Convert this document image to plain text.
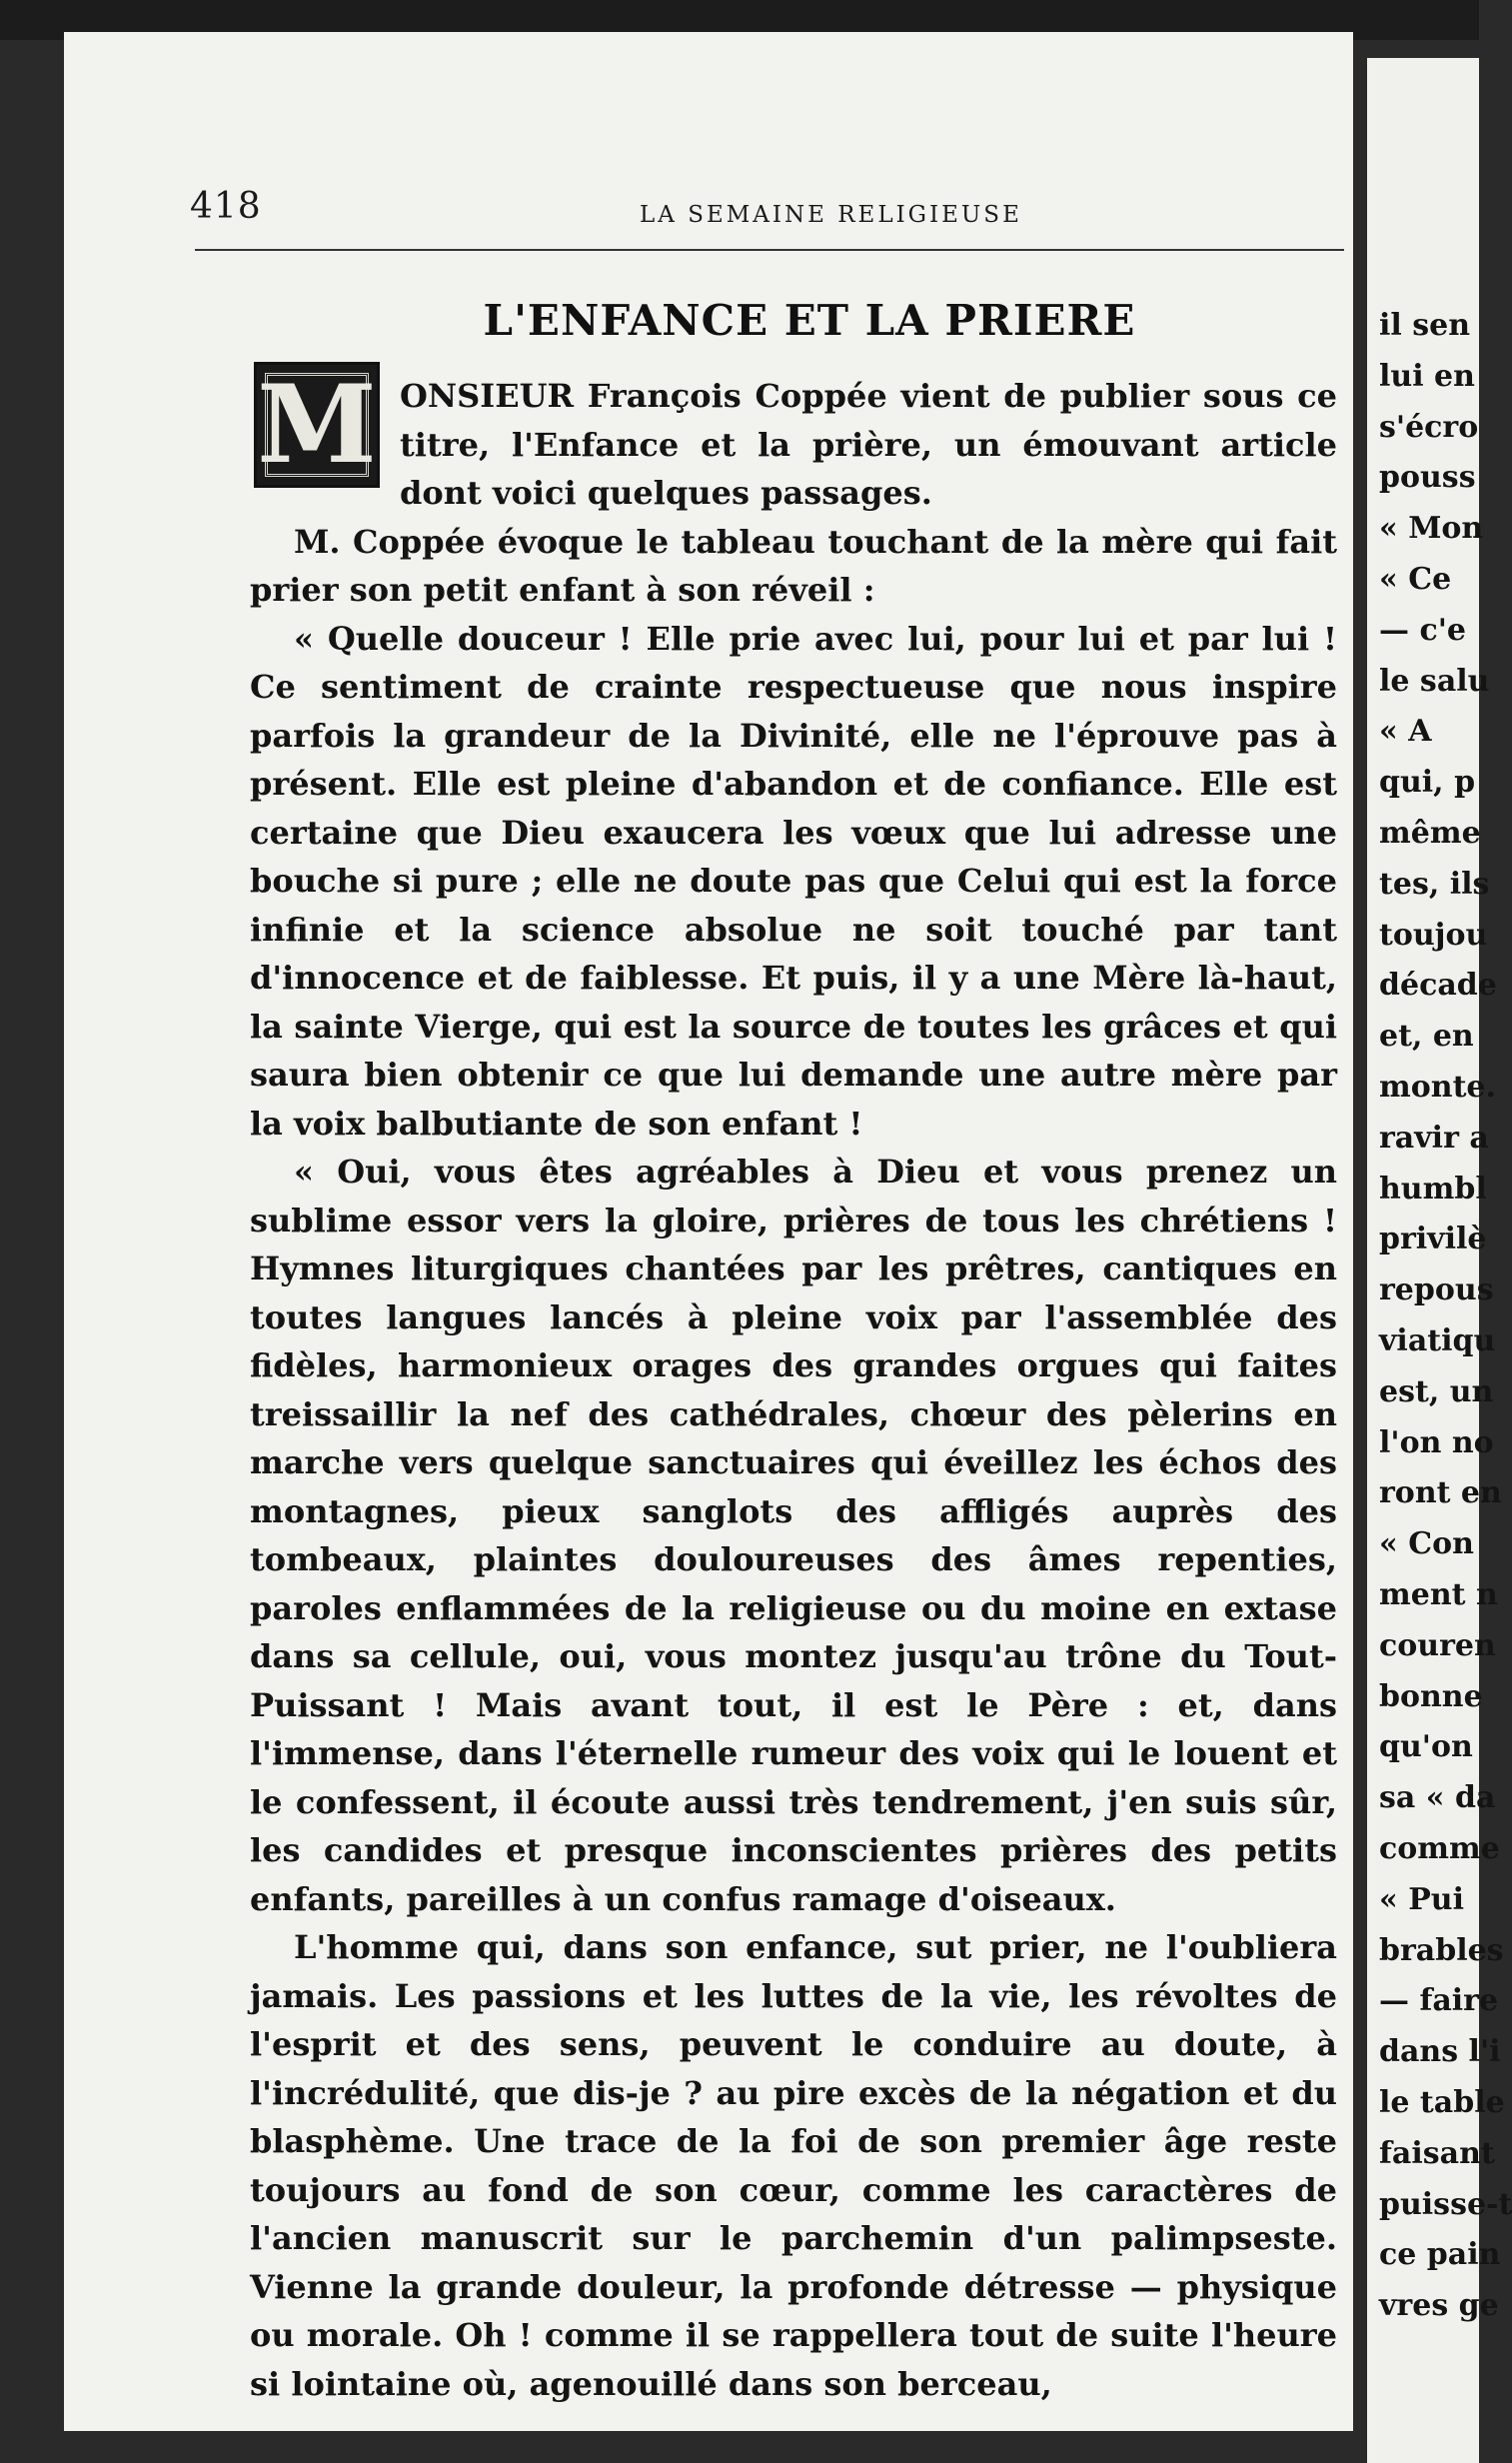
418	LA SEMAINE RELIGIEUSE
L'ENFANCE ET LA PRIERE
M ONSIEUR François Coppée vient de publier sous ce titre, l'Enfance et la prière, un émouvant article dont voici quelques passages.

M. Coppée évoque le tableau touchant de la mère qui fait prier son petit enfant à son réveil :

« Quelle douceur ! Elle prie avec lui, pour lui et par lui ! Ce sentiment de crainte respectueuse que nous inspire parfois la grandeur de la Divinité, elle ne l'éprouve pas à présent. Elle est pleine d'abandon et de confiance. Elle est certaine que Dieu exaucera les vœux que lui adresse une bouche si pure ; elle ne doute pas que Celui qui est la force infinie et la science absolue ne soit touché par tant d'innocence et de faiblesse. Et puis, il y a une Mère là-haut, la sainte Vierge, qui est la source de toutes les grâces et qui saura bien obtenir ce que lui demande une autre mère par la voix balbutiante de son enfant !

« Oui, vous êtes agréables à Dieu et vous prenez un sublime essor vers la gloire, prières de tous les chrétiens ! Hymnes liturgiques chantées par les prêtres, cantiques en toutes langues lancés à pleine voix par l'assemblée des fidèles, harmonieux orages des grandes orgues qui faites treissaillir la nef des cathédrales, chœur des pèlerins en marche vers quelque sanctuaires qui éveillez les échos des montagnes, pieux sanglots des affligés auprès des tombeaux, plaintes douloureuses des âmes repenties, paroles enflammées de la religieuse ou du moine en extase dans sa cellule, oui, vous montez jusqu'au trône du Tout-Puissant ! Mais avant tout, il est le Père : et, dans l'immense, dans l'éternelle rumeur des voix qui le louent et le confessent, il écoute aussi très tendrement, j'en suis sûr, les candides et presque inconscientes prières des petits enfants, pareilles à un confus ramage d'oiseaux.

L'homme qui, dans son enfance, sut prier, ne l'oubliera jamais. Les passions et les luttes de la vie, les révoltes de l'esprit et des sens, peuvent le conduire au doute, à l'incrédulité, que dis-je ? au pire excès de la négation et du blasphème. Une trace de la foi de son premier âge reste toujours au fond de son cœur, comme les caractères de l'ancien manuscrit sur le parchemin d'un palimpseste. Vienne la grande douleur, la profonde détresse — physique ou morale. Oh ! comme il se rappellera tout de suite l'heure si lointaine où, agenouillé dans son berceau,

il sen
lui en
s'écro
pouss
« Mon
« Ce
— c'e
le salu
« A
qui, p
même
tes, ils
toujou
décade
et, en
monte.
ravir a
humbl
privilè
repous
viatiqu
est, un
l'on no
ront en
« Con
ment n
couren
bonne
qu'on
sa « da
comme
« Pui
brables
— faire
dans l'i
le table
faisant
puisse-t
ce pain
vres ge
